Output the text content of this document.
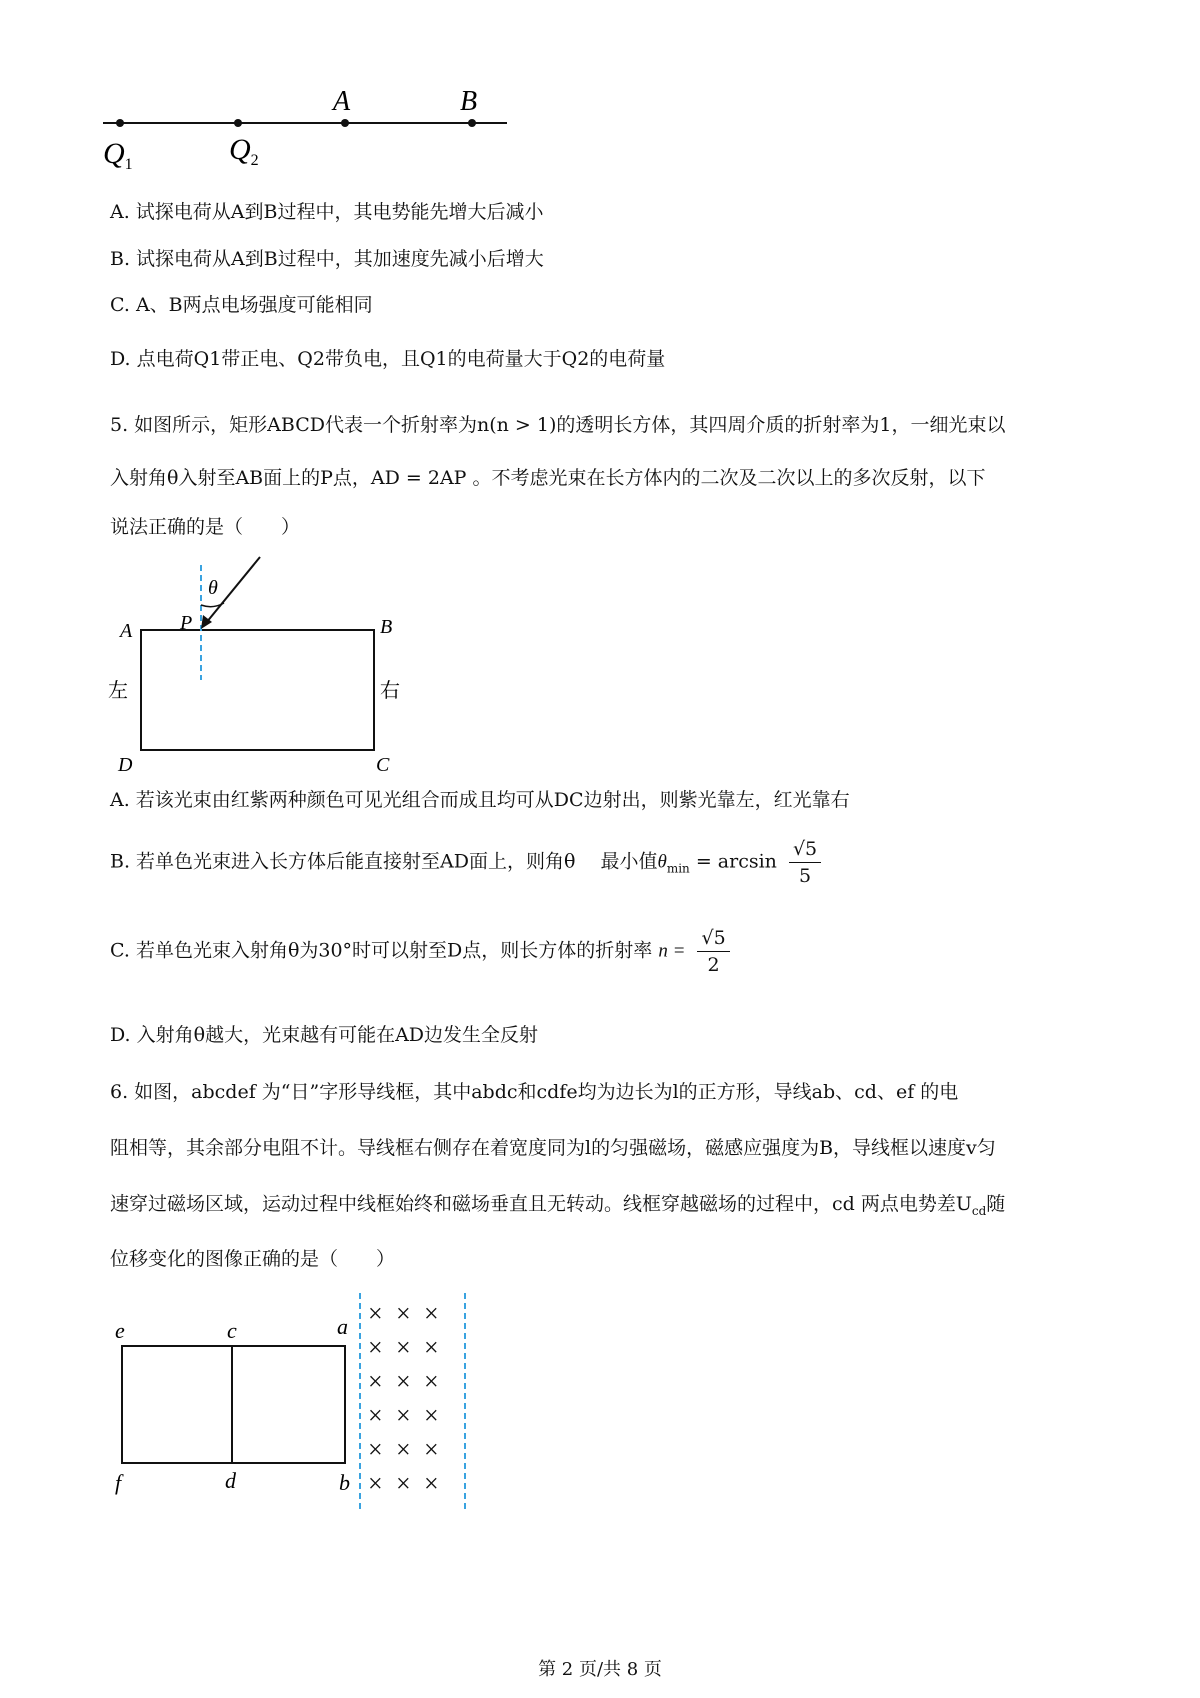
A	B
$Q_1$	$Q_2$
A. 试探电荷从A到B过程中，其电势能先增大后减小
B. 试探电荷从A到B过程中，其加速度先减小后增大
C. A、B两点电场强度可能相同
D. 点电荷Q1带正电、Q2带负电，且Q1的电荷量大于Q2的电荷量
5. 如图所示，矩形ABCD代表一个折射率为n(n > 1)的透明长方体，其四周介质的折射率为1，一细光束以
入射角θ入射至AB面上的P点，AD = 2AP 。不考虑光束在长方体内的二次及二次以上的多次反射，以下
说法正确的是（　　）
θ
A P	B
C
D
左	右
A. 若该光束由红紫两种颜色可见光组合而成且均可从DC边射出，则紫光靠左，红光靠右
B. 若单色光束进入长方体后能直接射至AD面上，则角θ　 最小值$\theta_{min} = \arcsin \frac{√5}{5}$
C. 若单色光束入射角θ为30°时可以射至D点，则长方体的折射率 $n = \frac{√5}{2}$
D. 入射角θ越大，光束越有可能在AD边发生全反射
6. 如图，abcdef 为“日”字形导线框，其中abdc和cdfe均为边长为l的正方形，导线ab、cd、ef 的电
阻相等，其余部分电阻不计。导线框右侧存在着宽度同为l的匀强磁场，磁感应强度为B，导线框以速度v匀
速穿过磁场区域，运动过程中线框始终和磁场垂直且无转动。线框穿越磁场的过程中，cd 两点电势差$U_{cd}$随
位移变化的图像正确的是（　　）
e	c	a
f	d	b
× × ×
× × ×
× × ×
× × ×
× × ×
× × ×
第 2 页/共 8 页
